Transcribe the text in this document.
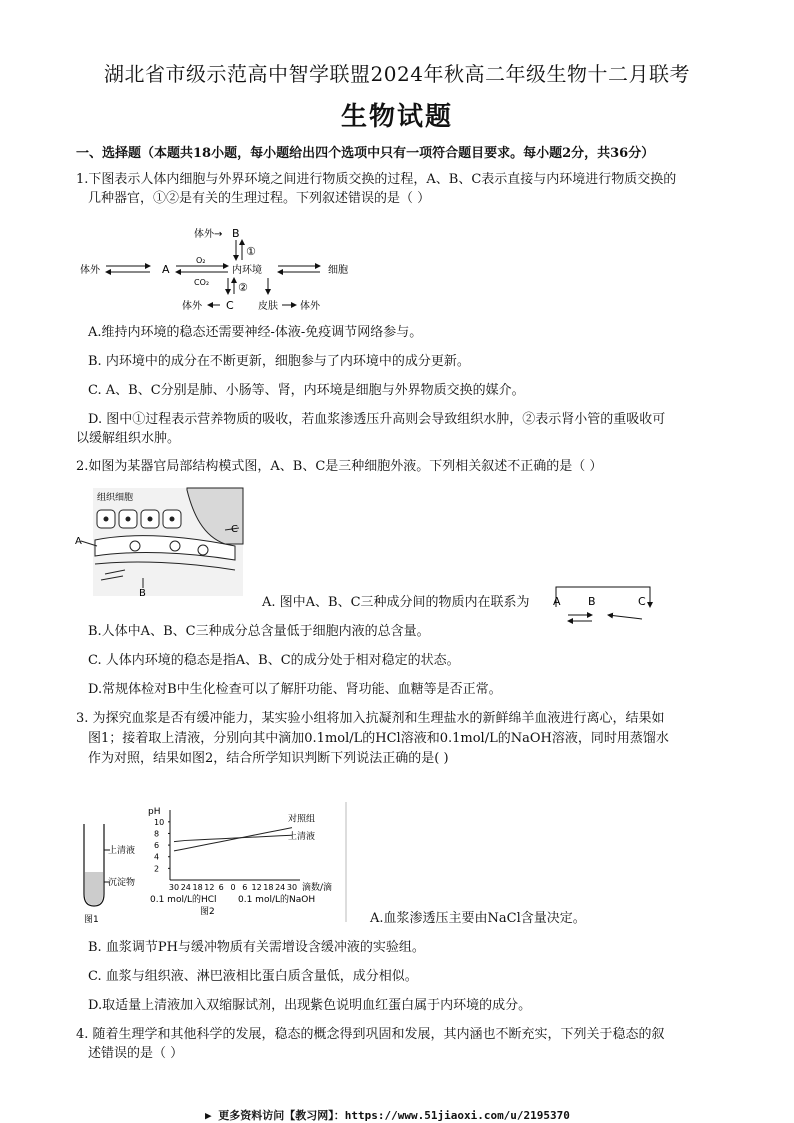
湖北省市级示范高中智学联盟2024年秋高二年级生物十二月联考
生物试题
一、选择题（本题共18小题，每小题给出四个选项中只有一项符合题目要求。每小题2分，共36分）
1.下图表示人体内细胞与外界环境之间进行物质交换的过程，A、B、C表示直接与内环境进行物质交换的
几种器官，①②是有关的生理过程。下列叙述错误的是（ ）
体外→ B
①
体外	A
O₂
CO₂
内环境	细胞
②
体外 C 皮肤 体外
A.维持内环境的稳态还需要神经-体液-免疫调节网络参与。
B. 内环境中的成分在不断更新，细胞参与了内环境中的成分更新。
C. A、B、C分别是肺、小肠等、肾，内环境是细胞与外界物质交换的媒介。
D. 图中①过程表示营养物质的吸收，若血浆渗透压升高则会导致组织水肿，②表示肾小管的重吸收可
以缓解组织水肿。
2.如图为某器官局部结构模式图，A、B、C是三种细胞外液。下列相关叙述不正确的是（ ）
组织细胞
A
C
B
A. 图中A、B、C三种成分间的物质内在联系为 A B	C
B.人体中A、B、C三种成分总含量低于细胞内液的总含量。
C. 人体内环境的稳态是指A、B、C的成分处于相对稳定的状态。
D.常规体检对B中生化检查可以了解肝功能、肾功能、血糖等是否正常。
3. 为探究血浆是否有缓冲能力，某实验小组将加入抗凝剂和生理盐水的新鲜绵羊血液进行离心，结果如
图1；接着取上清液，分别向其中滴加0.1mol/L的HCl溶液和0.1mol/L的NaOH溶液，同时用蒸馏水
作为对照，结果如图2，结合所学知识判断下列说法正确的是( )
上清液
沉淀物
图1
pH
10
8
6
4
2
30 24 18 12 6 0 6 12 18 24 30
对照组
上清液
滴数/滴
0.1 mol/L的HCl 0.1 mol/L的NaOH
图2	A.血浆渗透压主要由NaCl含量决定。
B. 血浆调节PH与缓冲物质有关需增设含缓冲液的实验组。
C. 血浆与组织液、淋巴液相比蛋白质含量低，成分相似。
D.取适量上清液加入双缩脲试剂，出现紫色说明血红蛋白属于内环境的成分。
4. 随着生理学和其他科学的发展，稳态的概念得到巩固和发展，其内涵也不断充实，下列关于稳态的叙
述错误的是（ ）
▶ 更多资料访问【教习网】：https://www.51jiaoxi.com/u/2195370
